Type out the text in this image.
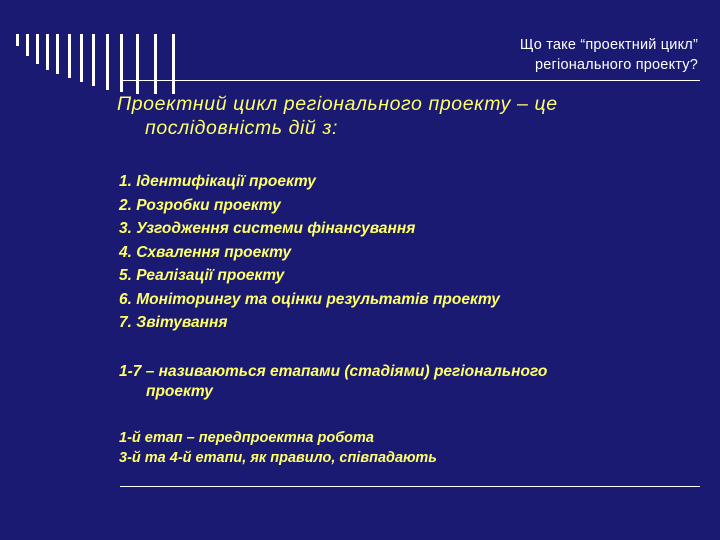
Що таке “проектний цикл”
регіонального проекту?
Проектний цикл регіонального проекту – це
послідовність дій з:
1. Ідентифікації проекту
2. Розробки проекту
3. Узгодження системи фінансування
4. Схвалення проекту
5. Реалізації проекту
6. Моніторингу та оцінки результатів проекту
7. Звітування
1-7 – називаються етапами (стадіями) регіонального
проекту
1-й етап – передпроектна робота
3-й та 4-й етапи, як правило, співпадають
